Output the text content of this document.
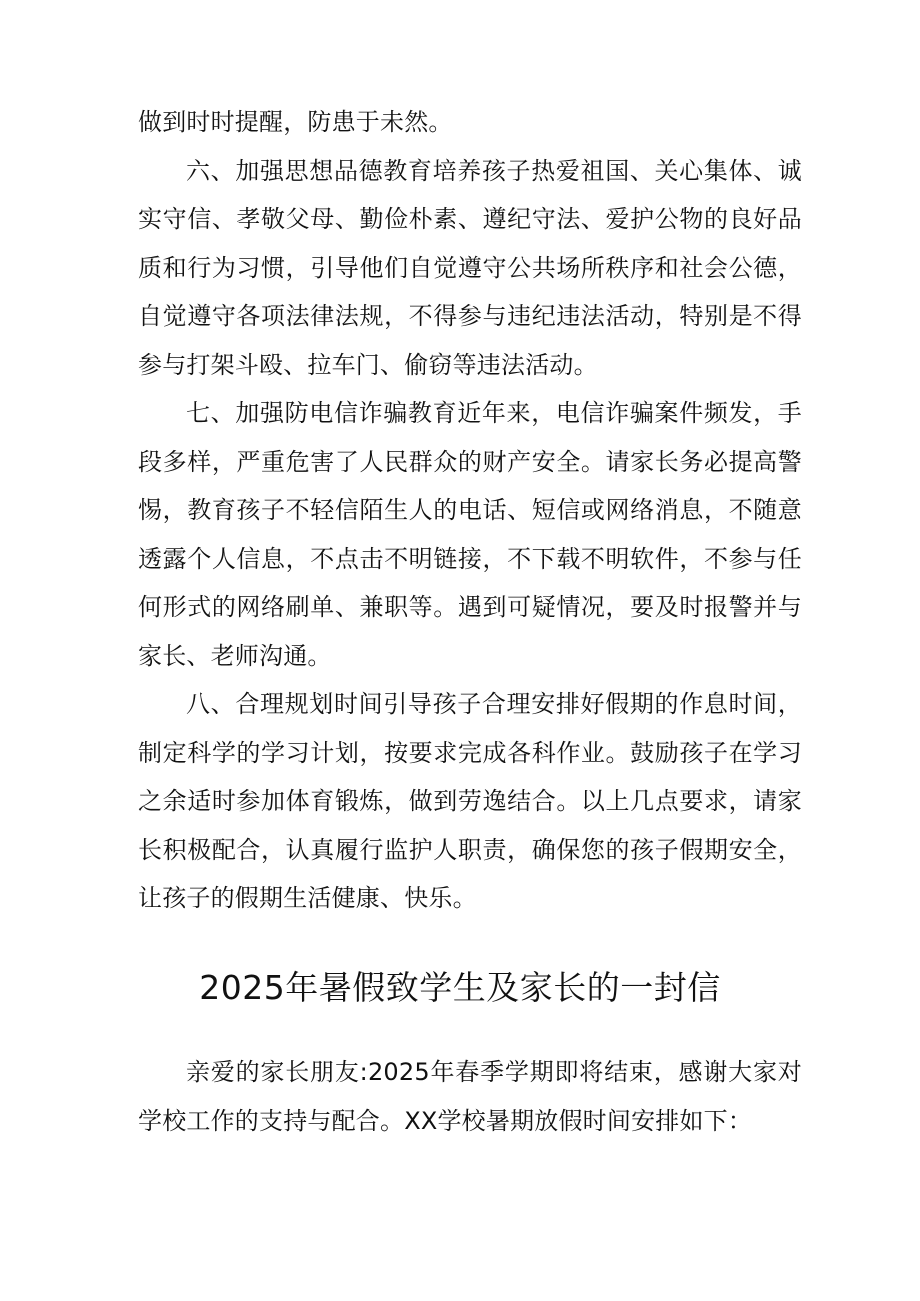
做到时时提醒，防患于未然。

六、加强思想品德教育培养孩子热爱祖国、关心集体、诚实守信、孝敬父母、勤俭朴素、遵纪守法、爱护公物的良好品质和行为习惯，引导他们自觉遵守公共场所秩序和社会公德，自觉遵守各项法律法规，不得参与违纪违法活动，特别是不得参与打架斗殴、拉车门、偷窃等违法活动。

七、加强防电信诈骗教育近年来，电信诈骗案件频发，手段多样，严重危害了人民群众的财产安全。请家长务必提高警惕，教育孩子不轻信陌生人的电话、短信或网络消息，不随意透露个人信息，不点击不明链接，不下载不明软件，不参与任何形式的网络刷单、兼职等。遇到可疑情况，要及时报警并与家长、老师沟通。

八、合理规划时间引导孩子合理安排好假期的作息时间，制定科学的学习计划，按要求完成各科作业。鼓励孩子在学习之余适时参加体育锻炼，做到劳逸结合。以上几点要求，请家长积极配合，认真履行监护人职责，确保您的孩子假期安全，让孩子的假期生活健康、快乐。

2025年暑假致学生及家长的一封信

亲爱的家长朋友:2025年春季学期即将结束，感谢大家对学校工作的支持与配合。XX学校暑期放假时间安排如下：
